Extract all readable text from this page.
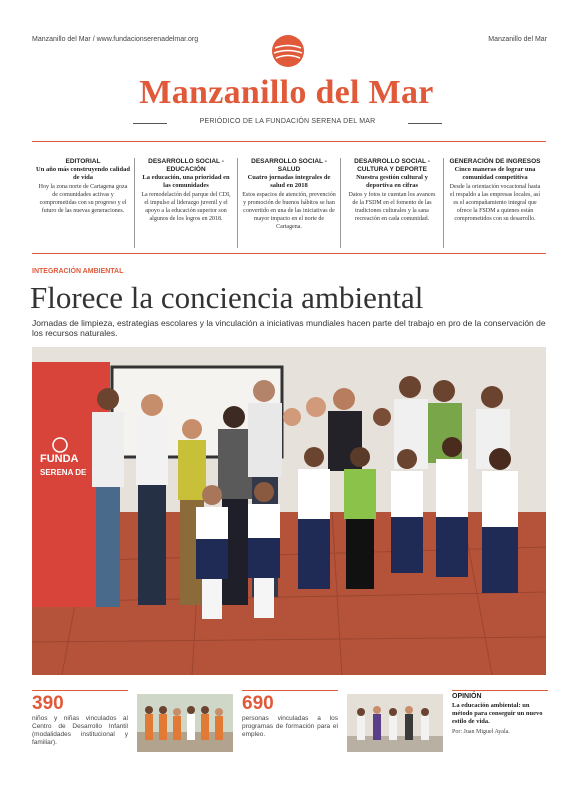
Manzanillo del Mar / www.fundacionserenadelmar.org	Manzanillo del Mar
Manzanillo del Mar
PERIÓDICO DE LA FUNDACIÓN SERENA DEL MAR
EDITORIAL
Un año más construyendo calidad de vida
Hoy la zona norte de Cartagena goza de comunidades activas y comprometidas con su progreso y el futuro de las nuevas generaciones.
DESARROLLO SOCIAL - EDUCACIÓN
La educación, una prioridad en las comunidades
La remodelación del parque del CDI, el impulso al liderazgo juvenil y el apoyo a la educación superior son algunos de los logros en 2018.
DESARROLLO SOCIAL - SALUD
Cuatro jornadas integrales de salud en 2018
Estos espacios de atención, prevención y promoción de buenos hábitos se han convertido en una de las iniciativas de mayor impacto en el norte de Cartagena.
DESARROLLO SOCIAL - CULTURA Y DEPORTE
Nuestra gestión cultural y deportiva en cifras
Datos y fotos te cuentan los avances de la FSDM en el fomento de las tradiciones culturales y la sana recreación en cada comunidad.
GENERACIÓN DE INGRESOS
Cinco maneras de lograr una comunidad competitiva
Desde la orientación vocacional hasta el respaldo a las empresas locales, así es el acompañamiento integral que ofrece la FSDM a quienes están comprometidos con su desarrollo.
INTEGRACIÓN AMBIENTAL
Florece la conciencia ambiental
Jornadas de limpieza, estrategias escolares y la vinculación a iniciativas mundiales hacen parte del trabajo en pro de la conservación de los recursos naturales.
FUNDA
SERENA DE
390
niños y niñas vinculados al Centro de Desarrollo Infantil (modalidades institucional y familiar).
690
personas vinculadas a los programas de formación para el empleo.
OPINIÓN
La educación ambiental: un método para conseguir un nuevo estilo de vida.
Por: Juan Miguel Ayala.
